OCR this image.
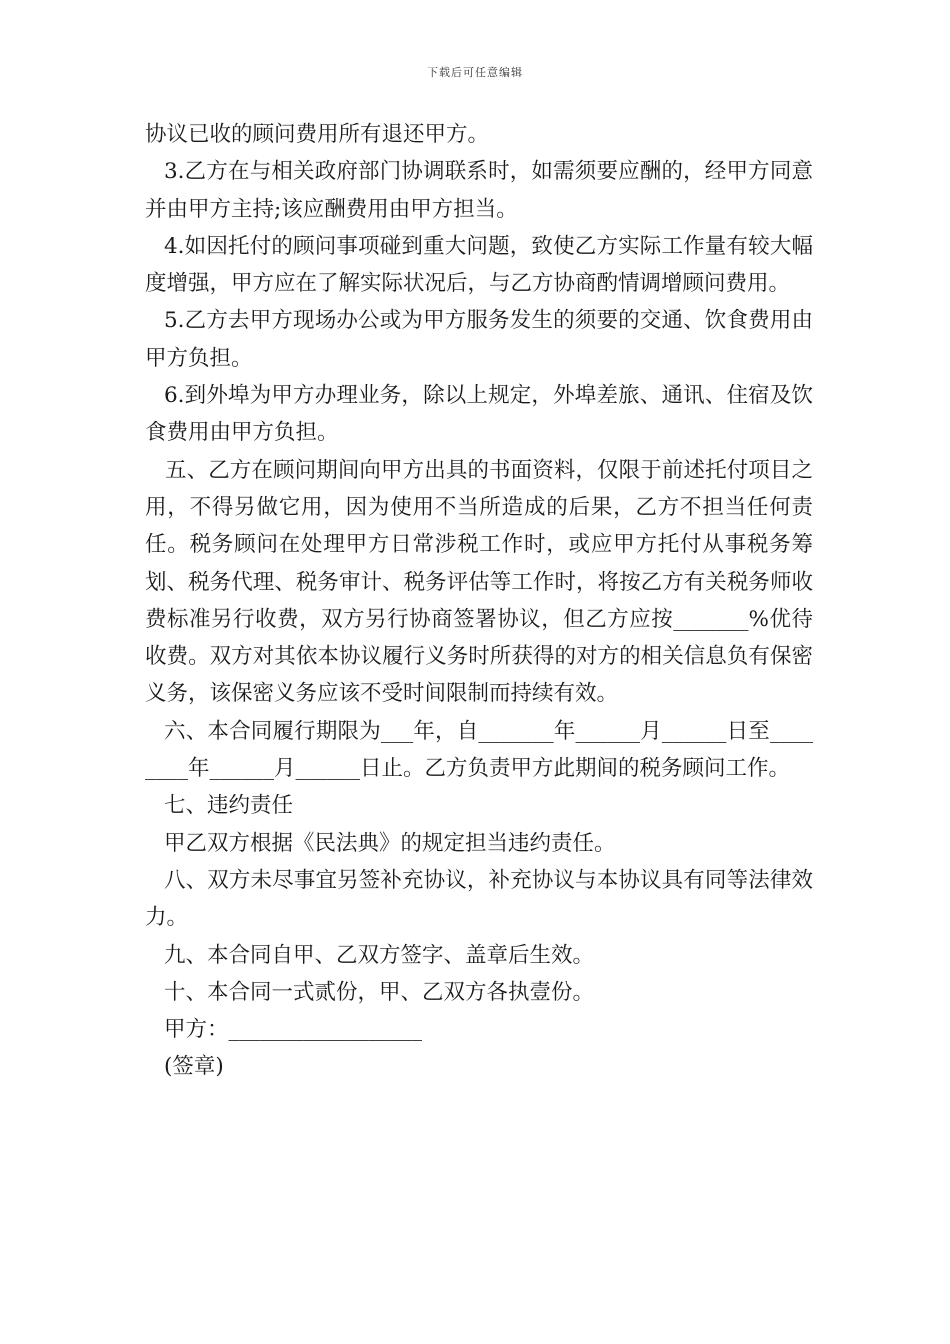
下载后可任意编辑

协议已收的顾问费用所有退还甲方。

3.乙方在与相关政府部门协调联系时，如需须要应酬的，经甲方同意并由甲方主持;该应酬费用由甲方担当。

4.如因托付的顾问事项碰到重大问题，致使乙方实际工作量有较大幅度增强，甲方应在了解实际状况后，与乙方协商酌情调增顾问费用。

5.乙方去甲方现场办公或为甲方服务发生的须要的交通、饮食费用由甲方负担。

6.到外埠为甲方办理业务，除以上规定，外埠差旅、通讯、住宿及饮食费用由甲方负担。

五、乙方在顾问期间向甲方出具的书面资料，仅限于前述托付项目之用，不得另做它用，因为使用不当所造成的后果，乙方不担当任何责任。税务顾问在处理甲方日常涉税工作时，或应甲方托付从事税务筹划、税务代理、税务审计、税务评估等工作时，将按乙方有关税务师收费标准另行收费，双方另行协商签署协议，但乙方应按_______%优待收费。双方对其依本协议履行义务时所获得的对方的相关信息负有保密义务，该保密义务应该不受时间限制而持续有效。

六、本合同履行期限为___年，自_______年______月______日至________年______月______日止。乙方负责甲方此期间的税务顾问工作。

七、违约责任

甲乙双方根据《民法典》的规定担当违约责任。

八、双方未尽事宜另签补充协议，补充协议与本协议具有同等法律效力。

九、本合同自甲、乙双方签字、盖章后生效。

十、本合同一式贰份，甲、乙双方各执壹份。

甲方：__________________

(签章)
